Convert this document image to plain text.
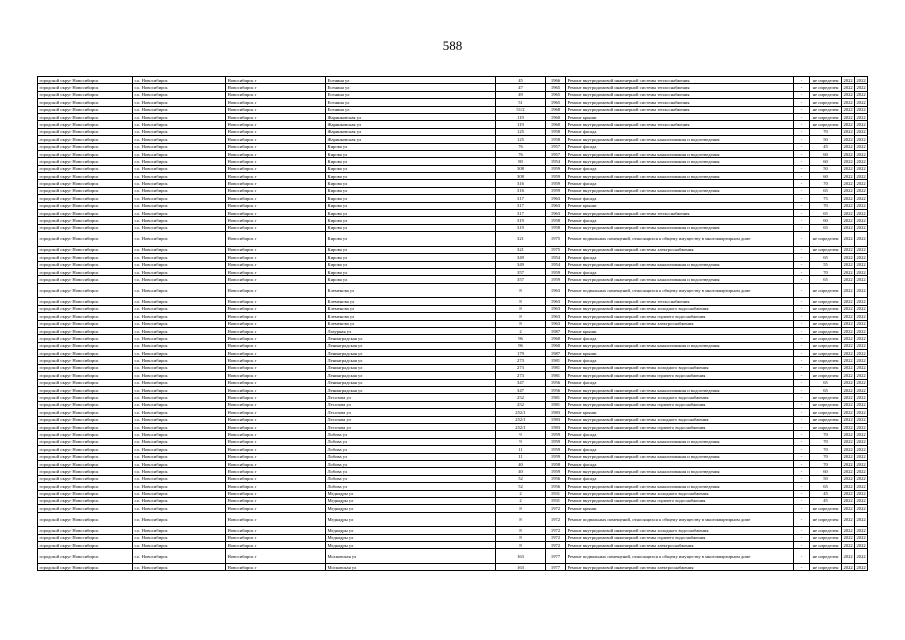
588
городской округ Новосибирск	г.о. Новосибирск	Новосибирск г	Есенина ул	45	1966	Ремонт внутридомовой инженерной системы теплоснабжения	-	не определен	2022	2022
городской округ Новосибирск	г.о. Новосибирск	Новосибирск г	Есенина ул	47	1965	Ремонт внутридомовой инженерной системы теплоснабжения	-	не определен	2022	2022
городской округ Новосибирск	г.о. Новосибирск	Новосибирск г	Есенина ул	49	1965	Ремонт внутридомовой инженерной системы теплоснабжения	-	не определен	2022	2022
городской округ Новосибирск	г.о. Новосибирск	Новосибирск г	Есенина ул	51	1965	Ремонт внутридомовой инженерной системы теплоснабжения	-	не определен	2022	2022
городской округ Новосибирск	г.о. Новосибирск	Новосибирск г	Есенина ул	51/2	1968	Ремонт внутридомовой инженерной системы теплоснабжения	-	не определен	2022	2022
городской округ Новосибирск	г.о. Новосибирск	Новосибирск г	Жаринковская ул	119	1960	Ремонт крыши	-	не определен	2022	2022
городской округ Новосибирск	г.о. Новосибирск	Новосибирск г	Жаринковская ул	119	1960	Ремонт внутридомовой инженерной системы теплоснабжения	-	не определен	2022	2022
городской округ Новосибирск	г.о. Новосибирск	Новосибирск г	Жаринковская ул	125	1958	Ремонт фасада	-	70	2022	2022
городской округ Новосибирск	г.о. Новосибирск	Новосибирск г	Жаринковская ул	125	1958	Ремонт внутридомовой инженерной системы канализования и водоотведения	-	50	2022	2022
городской округ Новосибирск	г.о. Новосибирск	Новосибирск г	Кирова ул	76	1957	Ремонт фасада	-	45	2022	2022
городской округ Новосибирск	г.о. Новосибирск	Новосибирск г	Кирова ул	76	1957	Ремонт внутридомовой инженерной системы канализования и водоотведения	-	60	2022	2022
городской округ Новосибирск	г.о. Новосибирск	Новосибирск г	Кирова ул	80	1954	Ремонт внутридомовой инженерной системы канализования и водоотведения	-	60	2022	2022
городской округ Новосибирск	г.о. Новосибирск	Новосибирск г	Кирова ул	308	1959	Ремонт фасада	-	50	2022	2022
городской округ Новосибирск	г.о. Новосибирск	Новосибирск г	Кирова ул	308	1959	Ремонт внутридомовой инженерной системы канализования и водоотведения	-	60	2022	2022
городской округ Новосибирск	г.о. Новосибирск	Новосибирск г	Кирова ул	316	1959	Ремонт фасада	-	70	2022	2022
городской округ Новосибирск	г.о. Новосибирск	Новосибирск г	Кирова ул	316	1959	Ремонт внутридомовой инженерной системы канализования и водоотведения	-	65	2022	2022
городской округ Новосибирск	г.о. Новосибирск	Новосибирск г	Кирова ул	317	1963	Ремонт фасада	-	75	2022	2022
городской округ Новосибирск	г.о. Новосибирск	Новосибирск г	Кирова ул	317	1963	Ремонт крыши	-	70	2022	2022
городской округ Новосибирск	г.о. Новосибирск	Новосибирск г	Кирова ул	317	1963	Ремонт внутридомовой инженерной системы теплоснабжения	-	65	2022	2022
городской округ Новосибирск	г.о. Новосибирск	Новосибирск г	Кирова ул	319	1958	Ремонт фасада	-	60	2022	2022
городской округ Новосибирск	г.о. Новосибирск	Новосибирск г	Кирова ул	319	1958	Ремонт внутридомовой инженерной системы канализования и водоотведения	-	65	2022	2022
городской округ Новосибирск	г.о. Новосибирск	Новосибирск г	Кирова ул	321	1975	Ремонт подвальных помещений, относящихся к общему имуществу в многоквартирном доме	-	не определен	2022	2022
городской округ Новосибирск	г.о. Новосибирск	Новосибирск г	Кирова ул	321	1975	Ремонт внутридомовой инженерной системы электроснабжения	-	не определен	2022	2022
городской округ Новосибирск	г.о. Новосибирск	Новосибирск г	Кирова ул	349	1954	Ремонт фасада	-	65	2022	2022
городской округ Новосибирск	г.о. Новосибирск	Новосибирск г	Кирова ул	349	1954	Ремонт внутридомовой инженерной системы канализования и водоотведения	-	55	2022	2022
городской округ Новосибирск	г.о. Новосибирск	Новосибирск г	Кирова ул	357	1959	Ремонт фасада	-	70	2022	2022
городской округ Новосибирск	г.о. Новосибирск	Новосибирск г	Кирова ул	357	1959	Ремонт внутридомовой инженерной системы канализования и водоотведения	-	65	2022	2022
городской округ Новосибирск	г.о. Новосибирск	Новосибирск г	Клеменова ул	8	1963	Ремонт подвальных помещений, относящихся к общему имуществу в многоквартирном доме	-	не определен	2022	2022
городской округ Новосибирск	г.о. Новосибирск	Новосибирск г	Клеменова ул	8	1963	Ремонт внутридомовой инженерной системы теплоснабжения	-	не определен	2022	2022
городской округ Новосибирск	г.о. Новосибирск	Новосибирск г	Клеменова ул	8	1963	Ремонт внутридомовой инженерной системы холодного водоснабжения	-	не определен	2022	2022
городской округ Новосибирск	г.о. Новосибирск	Новосибирск г	Клеменова ул	8	1963	Ремонт внутридомовой инженерной системы горячего водоснабжения	-	не определен	2022	2022
городской округ Новосибирск	г.о. Новосибирск	Новосибирск г	Клеменова ул	8	1963	Ремонт внутридомовой инженерной системы электроснабжения	-	не определен	2022	2022
городской округ Новосибирск	г.о. Новосибирск	Новосибирск г	Лазурная ул	2	1987	Ремонт крыши	-	не определен	2022	2022
городской округ Новосибирск	г.о. Новосибирск	Новосибирск г	Ленинградская ул	96	1960	Ремонт фасада	-	не определен	2022	2022
городской округ Новосибирск	г.о. Новосибирск	Новосибирск г	Ленинградская ул	96	1960	Ремонт внутридомовой инженерной системы канализования и водоотведения	-	не определен	2022	2022
городской округ Новосибирск	г.о. Новосибирск	Новосибирск г	Ленинградская ул	179	1987	Ремонт крыши	-	не определен	2022	2022
городской округ Новосибирск	г.о. Новосибирск	Новосибирск г	Ленинградская ул	273	1981	Ремонт фасада	-	не определен	2022	2022
городской округ Новосибирск	г.о. Новосибирск	Новосибирск г	Ленинградская ул	273	1981	Ремонт внутридомовой инженерной системы холодного водоснабжения	-	не определен	2022	2022
городской округ Новосибирск	г.о. Новосибирск	Новосибирск г	Ленинградская ул	273	1981	Ремонт внутридомовой инженерной системы горячего водоснабжения	-	не определен	2022	2022
городской округ Новосибирск	г.о. Новосибирск	Новосибирск г	Ленинградская ул	347	1956	Ремонт фасада	-	65	2022	2022
городской округ Новосибирск	г.о. Новосибирск	Новосибирск г	Ленинградская ул	347	1956	Ремонт внутридомовой инженерной системы канализования и водоотведения	-	65	2022	2022
городской округ Новосибирск	г.о. Новосибирск	Новосибирск г	Лесозова ул	252	1981	Ремонт внутридомовой инженерной системы холодного водоснабжения	-	не определен	2022	2022
городской округ Новосибирск	г.о. Новосибирск	Новосибирск г	Лесозова ул	252	1981	Ремонт внутридомовой инженерной системы горячего водоснабжения	-	не определен	2022	2022
городской округ Новосибирск	г.о. Новосибирск	Новосибирск г	Лесозова ул	252/1	1983	Ремонт крыши	-	не определен	2022	2022
городской округ Новосибирск	г.о. Новосибирск	Новосибирск г	Лесозова ул	252/1	1983	Ремонт внутридомовой инженерной системы холодного водоснабжения	-	не определен	2022	2022
городской округ Новосибирск	г.о. Новосибирск	Новосибирск г	Лесозова ул	252/1	1983	Ремонт внутридомовой инженерной системы горячего водоснабжения	-	не определен	2022	2022
городской округ Новосибирск	г.о. Новосибирск	Новосибирск г	Лобова ул	9	1959	Ремонт фасада	-	70	2022	2022
городской округ Новосибирск	г.о. Новосибирск	Новосибирск г	Лобова ул	9	1959	Ремонт внутридомовой инженерной системы канализования и водоотведения	-	70	2022	2022
городской округ Новосибирск	г.о. Новосибирск	Новосибирск г	Лобова ул	11	1959	Ремонт фасада	-	70	2022	2022
городской округ Новосибирск	г.о. Новосибирск	Новосибирск г	Лобова ул	11	1959	Ремонт внутридомовой инженерной системы канализования и водоотведения	-	70	2022	2022
городской округ Новосибирск	г.о. Новосибирск	Новосибирск г	Лобова ул	40	1958	Ремонт фасада	-	70	2022	2022
городской округ Новосибирск	г.о. Новосибирск	Новосибирск г	Лобова ул	40	1959	Ремонт внутридомовой инженерной системы канализования и водоотведения	-	60	2022	2022
городской округ Новосибирск	г.о. Новосибирск	Новосибирск г	Лобова ул	52	1956	Ремонт фасада	-	50	2022	2022
городской округ Новосибирск	г.о. Новосибирск	Новосибирск г	Лобова ул	52	1956	Ремонт внутридомовой инженерной системы канализования и водоотведения	-	65	2022	2022
городской округ Новосибирск	г.о. Новосибирск	Новосибирск г	Медкадры ул	2	1931	Ремонт внутридомовой инженерной системы холодного водоснабжения	-	45	2022	2022
городской округ Новосибирск	г.о. Новосибирск	Новосибирск г	Медкадры ул	2	1931	Ремонт внутридомовой инженерной системы горячего водоснабжения	-	45	2022	2022
городской округ Новосибирск	г.о. Новосибирск	Новосибирск г	Медкадры ул	8	1972	Ремонт крыши	-	не определен	2022	2022
городской округ Новосибирск	г.о. Новосибирск	Новосибирск г	Медкадры ул	8	1972	Ремонт подвальных помещений, относящихся к общему имуществу в многоквартирном доме	-	не определен	2022	2022
городской округ Новосибирск	г.о. Новосибирск	Новосибирск г	Медкадры ул	8	1972	Ремонт внутридомовой инженерной системы холодного водоснабжения	-	не определен	2022	2022
городской округ Новосибирск	г.о. Новосибирск	Новосибирск г	Медкадры ул	8	1972	Ремонт внутридомовой инженерной системы горячего водоснабжения	-	не определен	2022	2022
городской округ Новосибирск	г.о. Новосибирск	Новосибирск г	Медкадры ул	8	1972	Ремонт внутридомовой инженерной системы электроснабжения	-	не определен	2022	2022
городской округ Новосибирск	г.о. Новосибирск	Новосибирск г	Московская ул	163	1977	Ремонт подвальных помещений, относящихся к общему имуществу в многоквартирном доме	-	не определен	2022	2022
городской округ Новосибирск	г.о. Новосибирск	Новосибирск г	Московская ул	163	1977	Ремонт внутридомовой инженерной системы электроснабжения	-	не определен	2022	2022
